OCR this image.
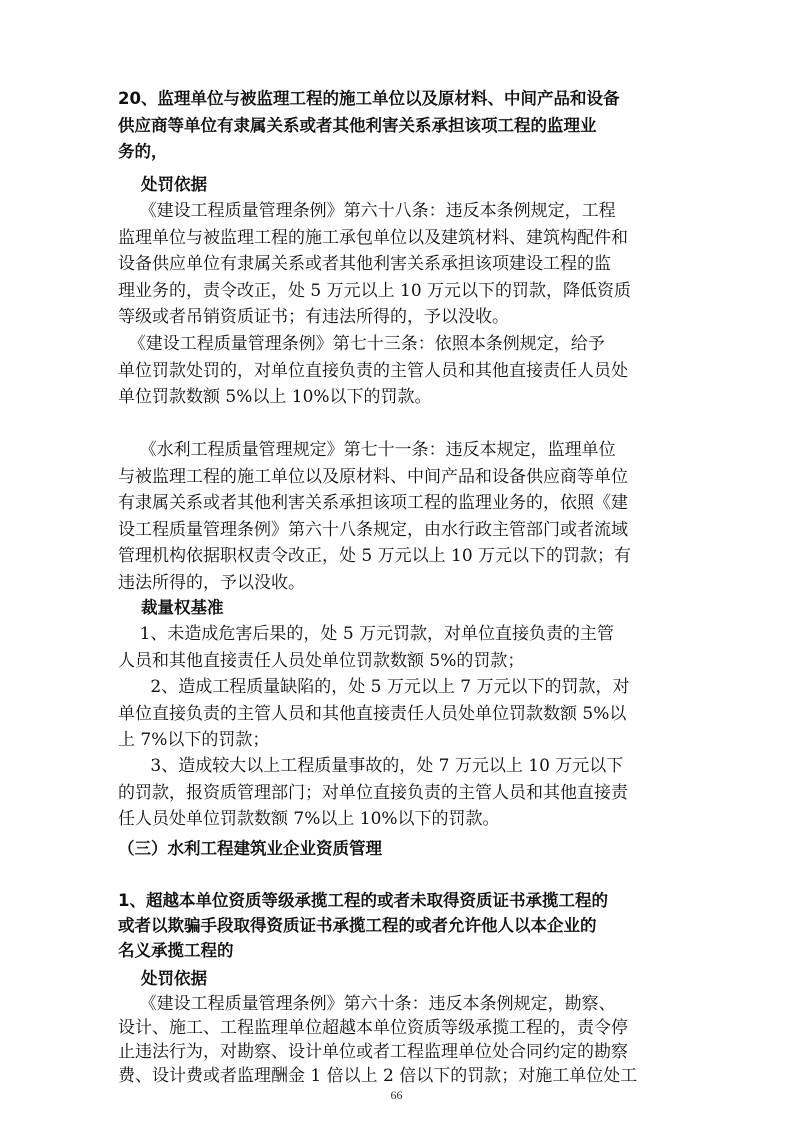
20、监理单位与被监理工程的施工单位以及原材料、中间产品和设备
供应商等单位有隶属关系或者其他利害关系承担该项工程的监理业
务的，

处罚依据

《建设工程质量管理条例》第六十八条：违反本条例规定，工程
监理单位与被监理工程的施工承包单位以及建筑材料、建筑构配件和
设备供应单位有隶属关系或者其他利害关系承担该项建设工程的监
理业务的，责令改正，处 5 万元以上 10 万元以下的罚款，降低资质
等级或者吊销资质证书；有违法所得的，予以没收。

《建设工程质量管理条例》第七十三条：依照本条例规定，给予
单位罚款处罚的，对单位直接负责的主管人员和其他直接责任人员处
单位罚款数额 5%以上 10%以下的罚款。

《水利工程质量管理规定》第七十一条：违反本规定，监理单位
与被监理工程的施工单位以及原材料、中间产品和设备供应商等单位
有隶属关系或者其他利害关系承担该项工程的监理业务的，依照《建
设工程质量管理条例》第六十八条规定，由水行政主管部门或者流域
管理机构依据职权责令改正，处 5 万元以上 10 万元以下的罚款；有
违法所得的，予以没收。

裁量权基准

1、未造成危害后果的，处 5 万元罚款，对单位直接负责的主管
人员和其他直接责任人员处单位罚款数额 5%的罚款；

2、造成工程质量缺陷的，处 5 万元以上 7 万元以下的罚款，对
单位直接负责的主管人员和其他直接责任人员处单位罚款数额 5%以
上 7%以下的罚款；

3、造成较大以上工程质量事故的，处 7 万元以上 10 万元以下
的罚款，报资质管理部门；对单位直接负责的主管人员和其他直接责
任人员处单位罚款数额 7%以上 10%以下的罚款。

（三）水利工程建筑业企业资质管理

1、超越本单位资质等级承揽工程的或者未取得资质证书承揽工程的
或者以欺骗手段取得资质证书承揽工程的或者允许他人以本企业的
名义承揽工程的

处罚依据

66

《建设工程质量管理条例》第六十条：违反本条例规定，勘察、
设计、施工、工程监理单位超越本单位资质等级承揽工程的，责令停
止违法行为，对勘察、设计单位或者工程监理单位处合同约定的勘察
费、设计费或者监理酬金 1 倍以上 2 倍以下的罚款；对施工单位处工
